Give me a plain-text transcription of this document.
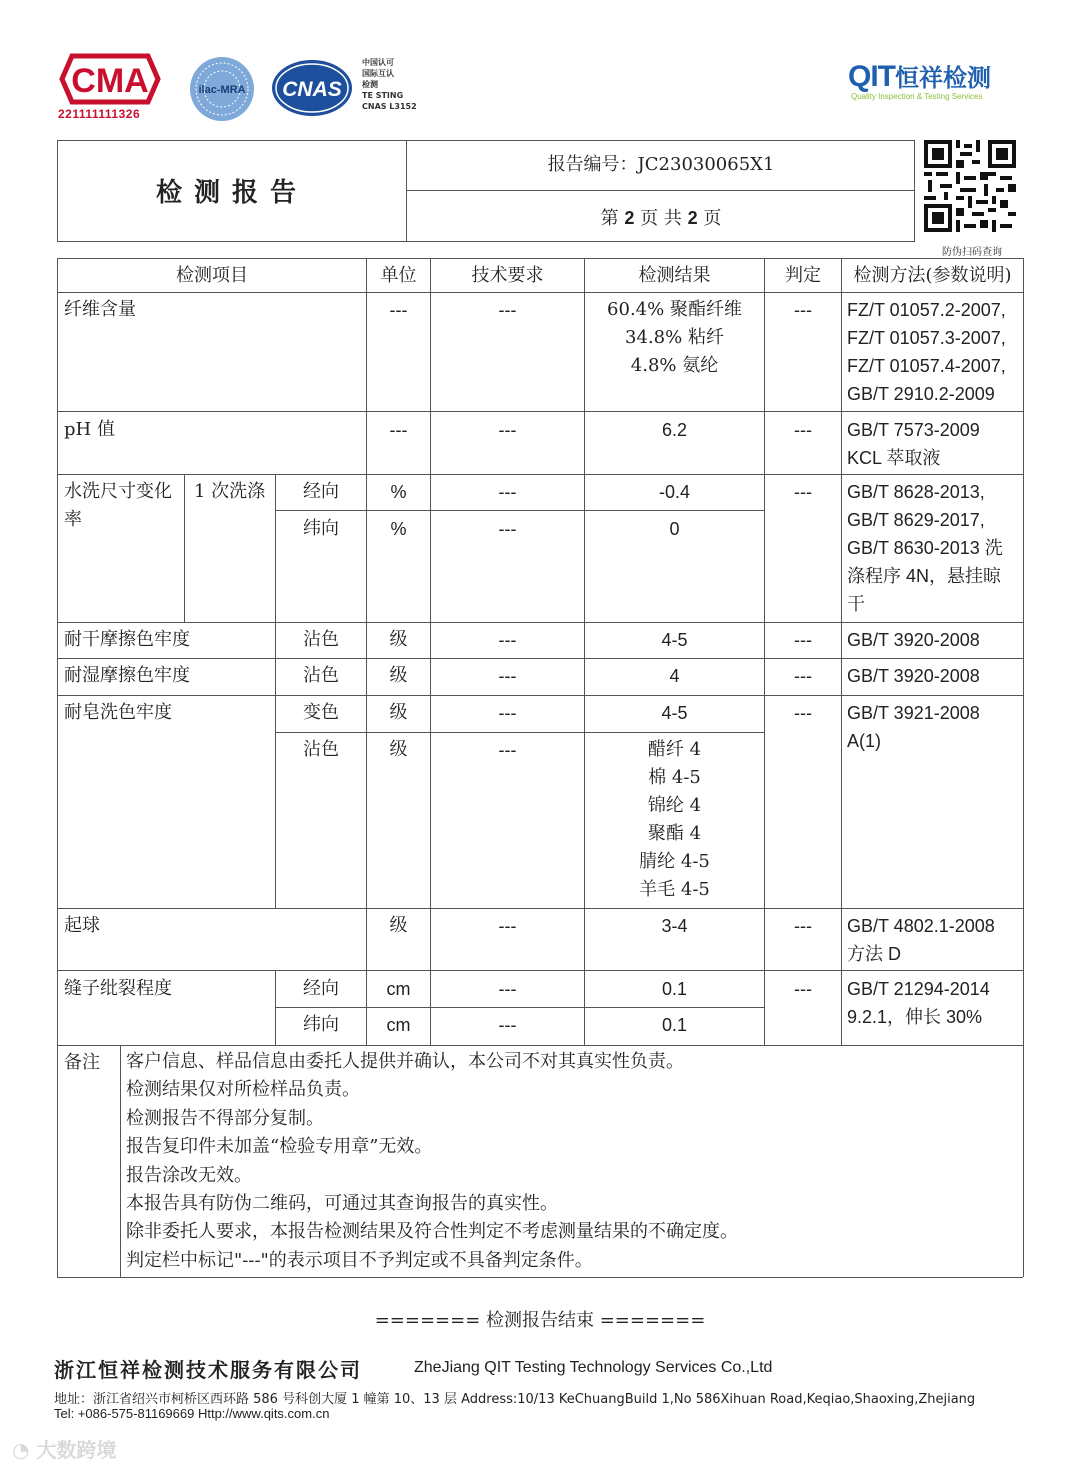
CMA
221111111326
ilac-MRA CNAS
中国认可
国际互认
检测
TE STING
CNAS L3152
QIT恒祥检测
Quality Inspection & Testing Services
检测报告
报告编号：JC23030065X1
第 2 页 共 2 页
防伪扫码查询
检测项目	单位	技术要求	检测结果	判定	检测方法(参数说明)
纤维含量	---	---	60.4% 聚酯纤维
34.8% 粘纤
4.8% 氨纶
---	FZ/T 01057.2-2007,
FZ/T 01057.3-2007,
FZ/T 01057.4-2007,
GB/T 2910.2-2009
pH 值	---	---	6.2	---	GB/T 7573-2009
KCL 萃取液
水洗尺寸变化
率
1 次洗涤	经向	%	---	-0.4
纬向	%	---	0
---	GB/T 8628-2013,
GB/T 8629-2017,
GB/T 8630-2013 洗
涤程序 4N，悬挂晾
干
耐干摩擦色牢度	沾色	级	---	4-5	---	GB/T 3920-2008
耐湿摩擦色牢度	沾色	级	---	4	---	GB/T 3920-2008
耐皂洗色牢度	变色	级	---	4-5
沾色	级	---	醋纤 4
棉 4-5
锦纶 4
聚酯 4
腈纶 4-5
羊毛 4-5
---	GB/T 3921-2008
A(1)
起球	级	---	3-4	---	GB/T 4802.1-2008
方法 D
缝子纰裂程度	经向	cm	---	0.1
纬向	cm	---	0.1
---	GB/T 21294-2014
9.2.1，伸长 30%
备注 客户信息、样品信息由委托人提供并确认，本公司不对其真实性负责。
检测结果仅对所检样品负责。
检测报告不得部分复制。
报告复印件未加盖“检验专用章”无效。
报告涂改无效。
本报告具有防伪二维码，可通过其查询报告的真实性。
除非委托人要求，本报告检测结果及符合性判定不考虑测量结果的不确定度。
判定栏中标记"---"的表示项目不予判定或不具备判定条件。
======= 检测报告结束 =======
浙江恒祥检测技术服务有限公司	ZheJiang QIT Testing Technology Services Co.,Ltd
地址：浙江省绍兴市柯桥区西环路 586 号科创大厦 1 幢第 10、13 层 Address:10/13 KeChuangBuild 1,No 586Xihuan Road,Keqiao,Shaoxing,Zhejiang
Tel: +086-575-81169669 Http://www.qits.com.cn
◔ 大数跨境
